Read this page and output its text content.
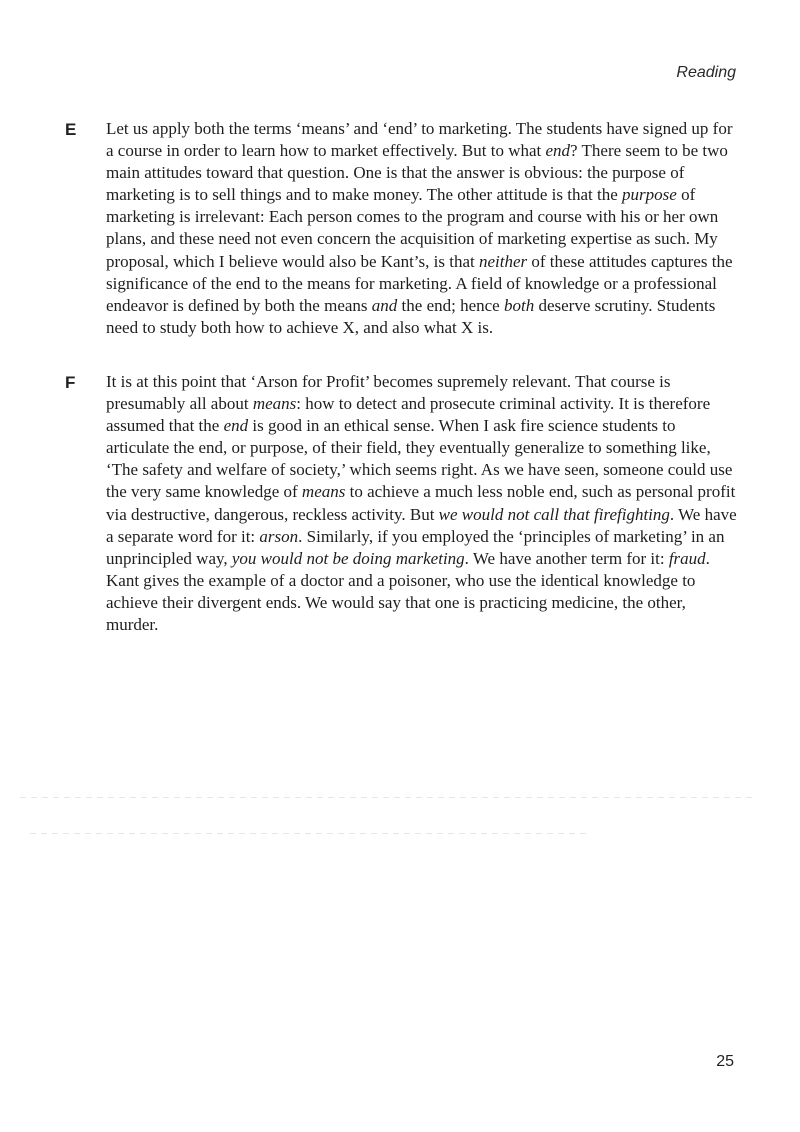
Reading
E Let us apply both the terms ‘means’ and ‘end’ to marketing. The students have signed up for a course in order to learn how to market effectively. But to what end? There seem to be two main attitudes toward that question. One is that the answer is obvious: the purpose of marketing is to sell things and to make money. The other attitude is that the purpose of marketing is irrelevant: Each person comes to the program and course with his or her own plans, and these need not even concern the acquisition of marketing expertise as such. My proposal, which I believe would also be Kant’s, is that neither of these attitudes captures the significance of the end to the means for marketing. A field of knowledge or a professional endeavor is defined by both the means and the end; hence both deserve scrutiny. Students need to study both how to achieve X, and also what X is.

F It is at this point that ‘Arson for Profit’ becomes supremely relevant. That course is presumably all about means: how to detect and prosecute criminal activity. It is therefore assumed that the end is good in an ethical sense. When I ask fire science students to articulate the end, or purpose, of their field, they eventually generalize to something like, ‘The safety and welfare of society,’ which seems right. As we have seen, someone could use the very same knowledge of means to achieve a much less noble end, such as personal profit via destructive, dangerous, reckless activity. But we would not call that firefighting. We have a separate word for it: arson. Similarly, if you employed the ‘principles of marketing’ in an unprincipled way, you would not be doing marketing. We have another term for it: fraud. Kant gives the example of a doctor and a poisoner, who use the identical knowledge to achieve their divergent ends. We would say that one is practicing medicine, the other, murder.

25
